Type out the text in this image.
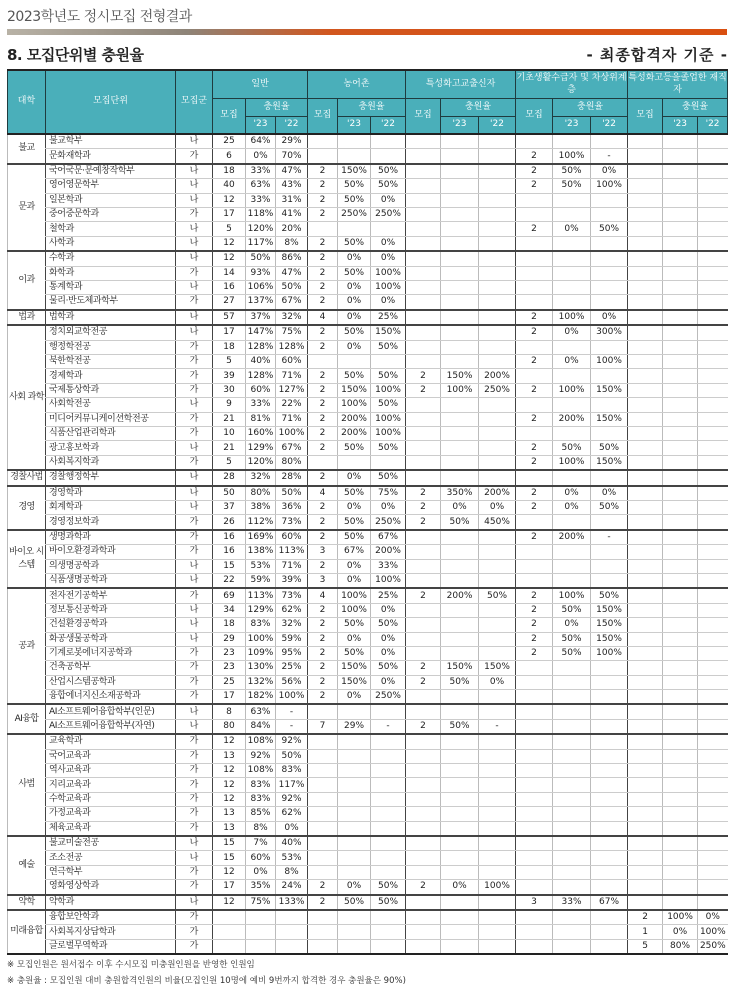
2023학년도 정시모집 전형결과
8. 모집단위별 충원율	- 최종합격자 기준 -
대학	모집단위	모집군	일반			농어촌			특성화고교출신자			기초생활수급자 및 차상위계층			특성화고등을졸업한 재직자		
			모집	충원율		모집	충원율		모집	충원율		모집	충원율		모집	충원율	
				'23	'22		'23	'22		'23	'22		'23	'22		'23	'22
불교	불교학부	나	25	64%	29%												
	문화재학과	가	6	0%	70%							2	100%	-			
문과	국어국문·문예창작학부	나	18	33%	47%	2	150%	50%				2	50%	0%			
	영어영문학부	나	40	63%	43%	2	50%	50%				2	50%	100%			
	일본학과	나	12	33%	31%	2	50%	0%									
	중어중문학과	가	17	118%	41%	2	250%	250%									
	철학과	나	5	120%	20%							2	0%	50%			
	사학과	나	12	117%	8%	2	50%	0%									
이과	수학과	나	12	50%	86%	2	0%	0%									
	화학과	가	14	93%	47%	2	50%	100%									
	통계학과	나	16	106%	50%	2	0%	100%									
	물리·반도체과학부	가	27	137%	67%	2	0%	0%									
법과	법학과	나	57	37%	32%	4	0%	25%				2	100%	0%			
사회 과학	정치외교학전공	나	17	147%	75%	2	50%	150%				2	0%	300%			
	행정학전공	가	18	128%	128%	2	0%	50%									
	북한학전공	가	5	40%	60%							2	0%	100%			
	경제학과	가	39	128%	71%	2	50%	50%	2	150%	200%						
	국제통상학과	가	30	60%	127%	2	150%	100%	2	100%	250%	2	100%	150%			
	사회학전공	나	9	33%	22%	2	100%	50%									
	미디어커뮤니케이션학전공	가	21	81%	71%	2	200%	100%				2	200%	150%			
	식품산업관리학과	가	10	160%	100%	2	200%	100%									
	광고홍보학과	나	21	129%	67%	2	50%	50%				2	50%	50%			
	사회복지학과	가	5	120%	80%							2	100%	150%			
경찰사법	경찰행정학부	나	28	32%	28%	2	0%	50%									
경영	경영학과	나	50	80%	50%	4	50%	75%	2	350%	200%	2	0%	0%			
	회계학과	나	37	38%	36%	2	0%	0%	2	0%	0%	2	0%	50%			
	경영정보학과	가	26	112%	73%	2	50%	250%	2	50%	450%						
바이오 시스템	생명과학과	가	16	169%	60%	2	50%	67%				2	200%	-			
	바이오환경과학과	가	16	138%	113%	3	67%	200%									
	의생명공학과	나	15	53%	71%	2	0%	33%									
	식품생명공학과	나	22	59%	39%	3	0%	100%									
공과	전자전기공학부	가	69	113%	73%	4	100%	25%	2	200%	50%	2	100%	50%			
	정보통신공학과	나	34	129%	62%	2	100%	0%				2	50%	150%			
	건설환경공학과	나	18	83%	32%	2	50%	50%				2	0%	150%			
	화공생물공학과	나	29	100%	59%	2	0%	0%				2	50%	150%			
	기계로봇에너지공학과	가	23	109%	95%	2	50%	0%				2	50%	100%			
	건축공학부	가	23	130%	25%	2	150%	50%	2	150%	150%						
	산업시스템공학과	가	25	132%	56%	2	150%	0%	2	50%	0%						
	융합에너지신소재공학과	가	17	182%	100%	2	0%	250%									
AI융합	AI소프트웨어융합학부(인문)	나	8	63%	-												
	AI소프트웨어융합학부(자연)	나	80	84%	-	7	29%	-	2	50%	-						
사범	교육학과	가	12	108%	92%												
	국어교육과	가	13	92%	50%												
	역사교육과	가	12	108%	83%												
	지리교육과	가	12	83%	117%												
	수학교육과	가	12	83%	92%												
	가정교육과	가	13	85%	62%												
	체육교육과	가	13	8%	0%												
예술	불교미술전공	나	15	7%	40%												
	조소전공	나	15	60%	53%												
	연극학부	가	12	0%	8%												
	영화영상학과	가	17	35%	24%	2	0%	50%	2	0%	100%						
약학	약학과	나	12	75%	133%	2	50%	50%				3	33%	67%			
미래융합	융합보안학과	가													2	100%	0%
	사회복지상담학과	가													1	0%	100%
	글로벌무역학과	가													5	80%	250%
※ 모집인원은 원서접수 이후 수시모집 미충원인원을 반영한 인원임
※ 충원율 : 모집인원 대비 충원합격인원의 비율(모집인원 10명에 예비 9번까지 합격한 경우 충원율은 90%)
